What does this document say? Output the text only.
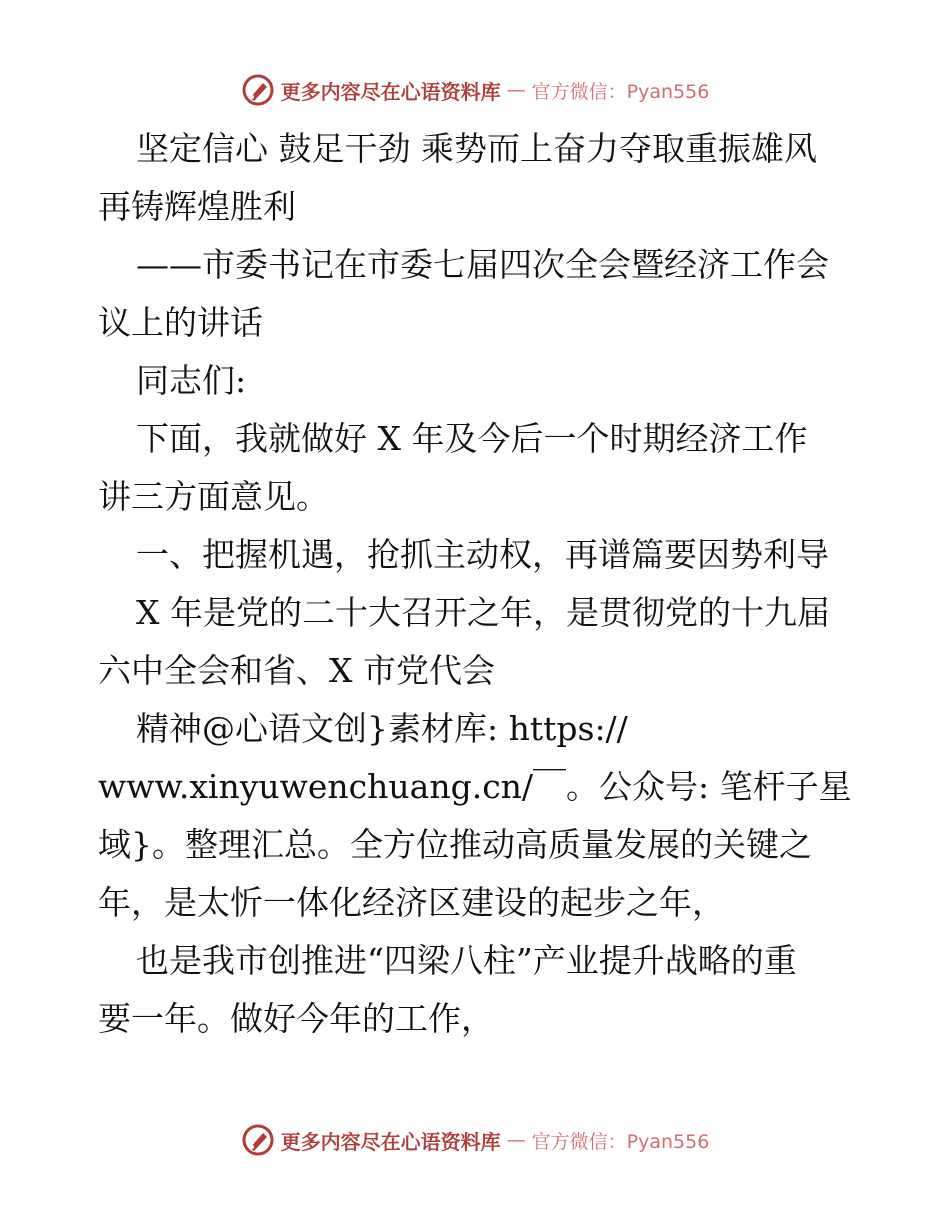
更多内容尽在心语资料库 — 官方微信：Pyan556

坚定信心 鼓足干劲 乘势而上奋力夺取重振雄风

再铸辉煌胜利

——市委书记在市委七届四次全会暨经济工作会

议上的讲话

同志们:

下面，我就做好 X 年及今后一个时期经济工作

讲三方面意见。

一、把握机遇，抢抓主动权，再谱篇要因势利导

X 年是党的二十大召开之年，是贯彻党的十九届

六中全会和省、X 市党代会

精神@心语文创}素材库: https://

www.xinyuwenchuang.cn/￣。公众号: 笔杆子星

域}。整理汇总。全方位推动高质量发展的关键之

年，是太忻一体化经济区建设的起步之年，

也是我市创推进“四梁八柱”产业提升战略的重

要一年。做好今年的工作，

更多内容尽在心语资料库 — 官方微信：Pyan556
